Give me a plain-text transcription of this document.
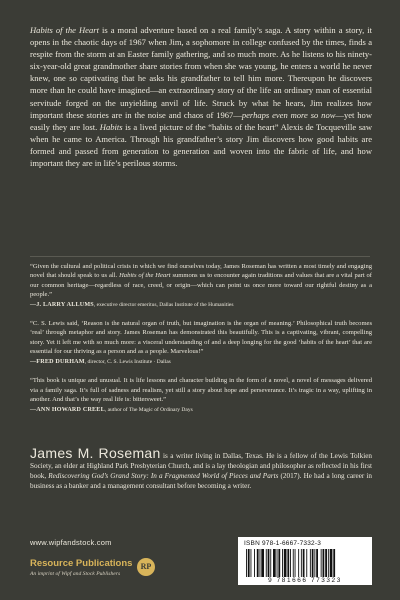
Habits of the Heart is a moral adventure based on a real family’s saga. A story within a story, it opens in the chaotic days of 1967 when Jim, a sophomore in college confused by the times, finds a respite from the storm at an Easter family gathering, and so much more. As he listens to his ninety-six-year-old great grandmother share stories from when she was young, he enters a world he never knew, one so captivating that he asks his grandfather to tell him more. Thereupon he discovers more than he could have imagined—an extraordinary story of the life an ordinary man of essential servitude forged on the unyielding anvil of life. Struck by what he hears, Jim realizes how important these stories are in the noise and chaos of 1967—perhaps even more so now—yet how easily they are lost. Habits is a lived picture of the “habits of the heart” Alexis de Tocqueville saw when he came to America. Through his grandfather’s story Jim discovers how good habits are formed and passed from generation to generation and woven into the fabric of life, and how important they are in life’s perilous storms.

“Given the cultural and political crisis in which we find ourselves today, James Roseman has written a most timely and engaging novel that should speak to us all. Habits of the Heart summons us to encounter again traditions and values that are a vital part of our common heritage—regardless of race, creed, or origin—which can point us once more toward our rightful destiny as a people.”

—J. LARRY ALLUMS, executive director emeritus, Dallas Institute of the Humanities

“C. S. Lewis said, ‘Reason is the natural organ of truth, but imagination is the organ of meaning.’ Philosophical truth becomes ‘real’ through metaphor and story. James Roseman has demonstrated this beautifully. This is a captivating, vibrant, compelling story. Yet it left me with so much more: a visceral understanding of and a deep longing for the good ‘habits of the heart’ that are essential for our thriving as a person and as a people. Marvelous!”

—FRED DURHAM, director, C. S. Lewis Institute · Dallas

“This book is unique and unusual. It is life lessons and character building in the form of a novel, a novel of messages delivered via a family saga. It’s full of sadness and realism, yet still a story about hope and perseverance. It’s tragic in a way, uplifting in another. And that’s the way real life is: bittersweet.”

—ANN HOWARD CREEL, author of The Magic of Ordinary Days

James M. Roseman is a writer living in Dallas, Texas. He is a fellow of the Lewis Tolkien Society, an elder at Highland Park Presbyterian Church, and is a lay theologian and philosopher as reflected in his first book, Rediscovering God’s Grand Story: In a Fragmented World of Pieces and Parts (2017). He had a long career in business as a banker and a management consultant before becoming a writer.

www.wipfandstock.com
Resource Publications
An imprint of Wipf and Stock Publishers
RP
ISBN 978-1-6667-7332-3
9 781666 773323
